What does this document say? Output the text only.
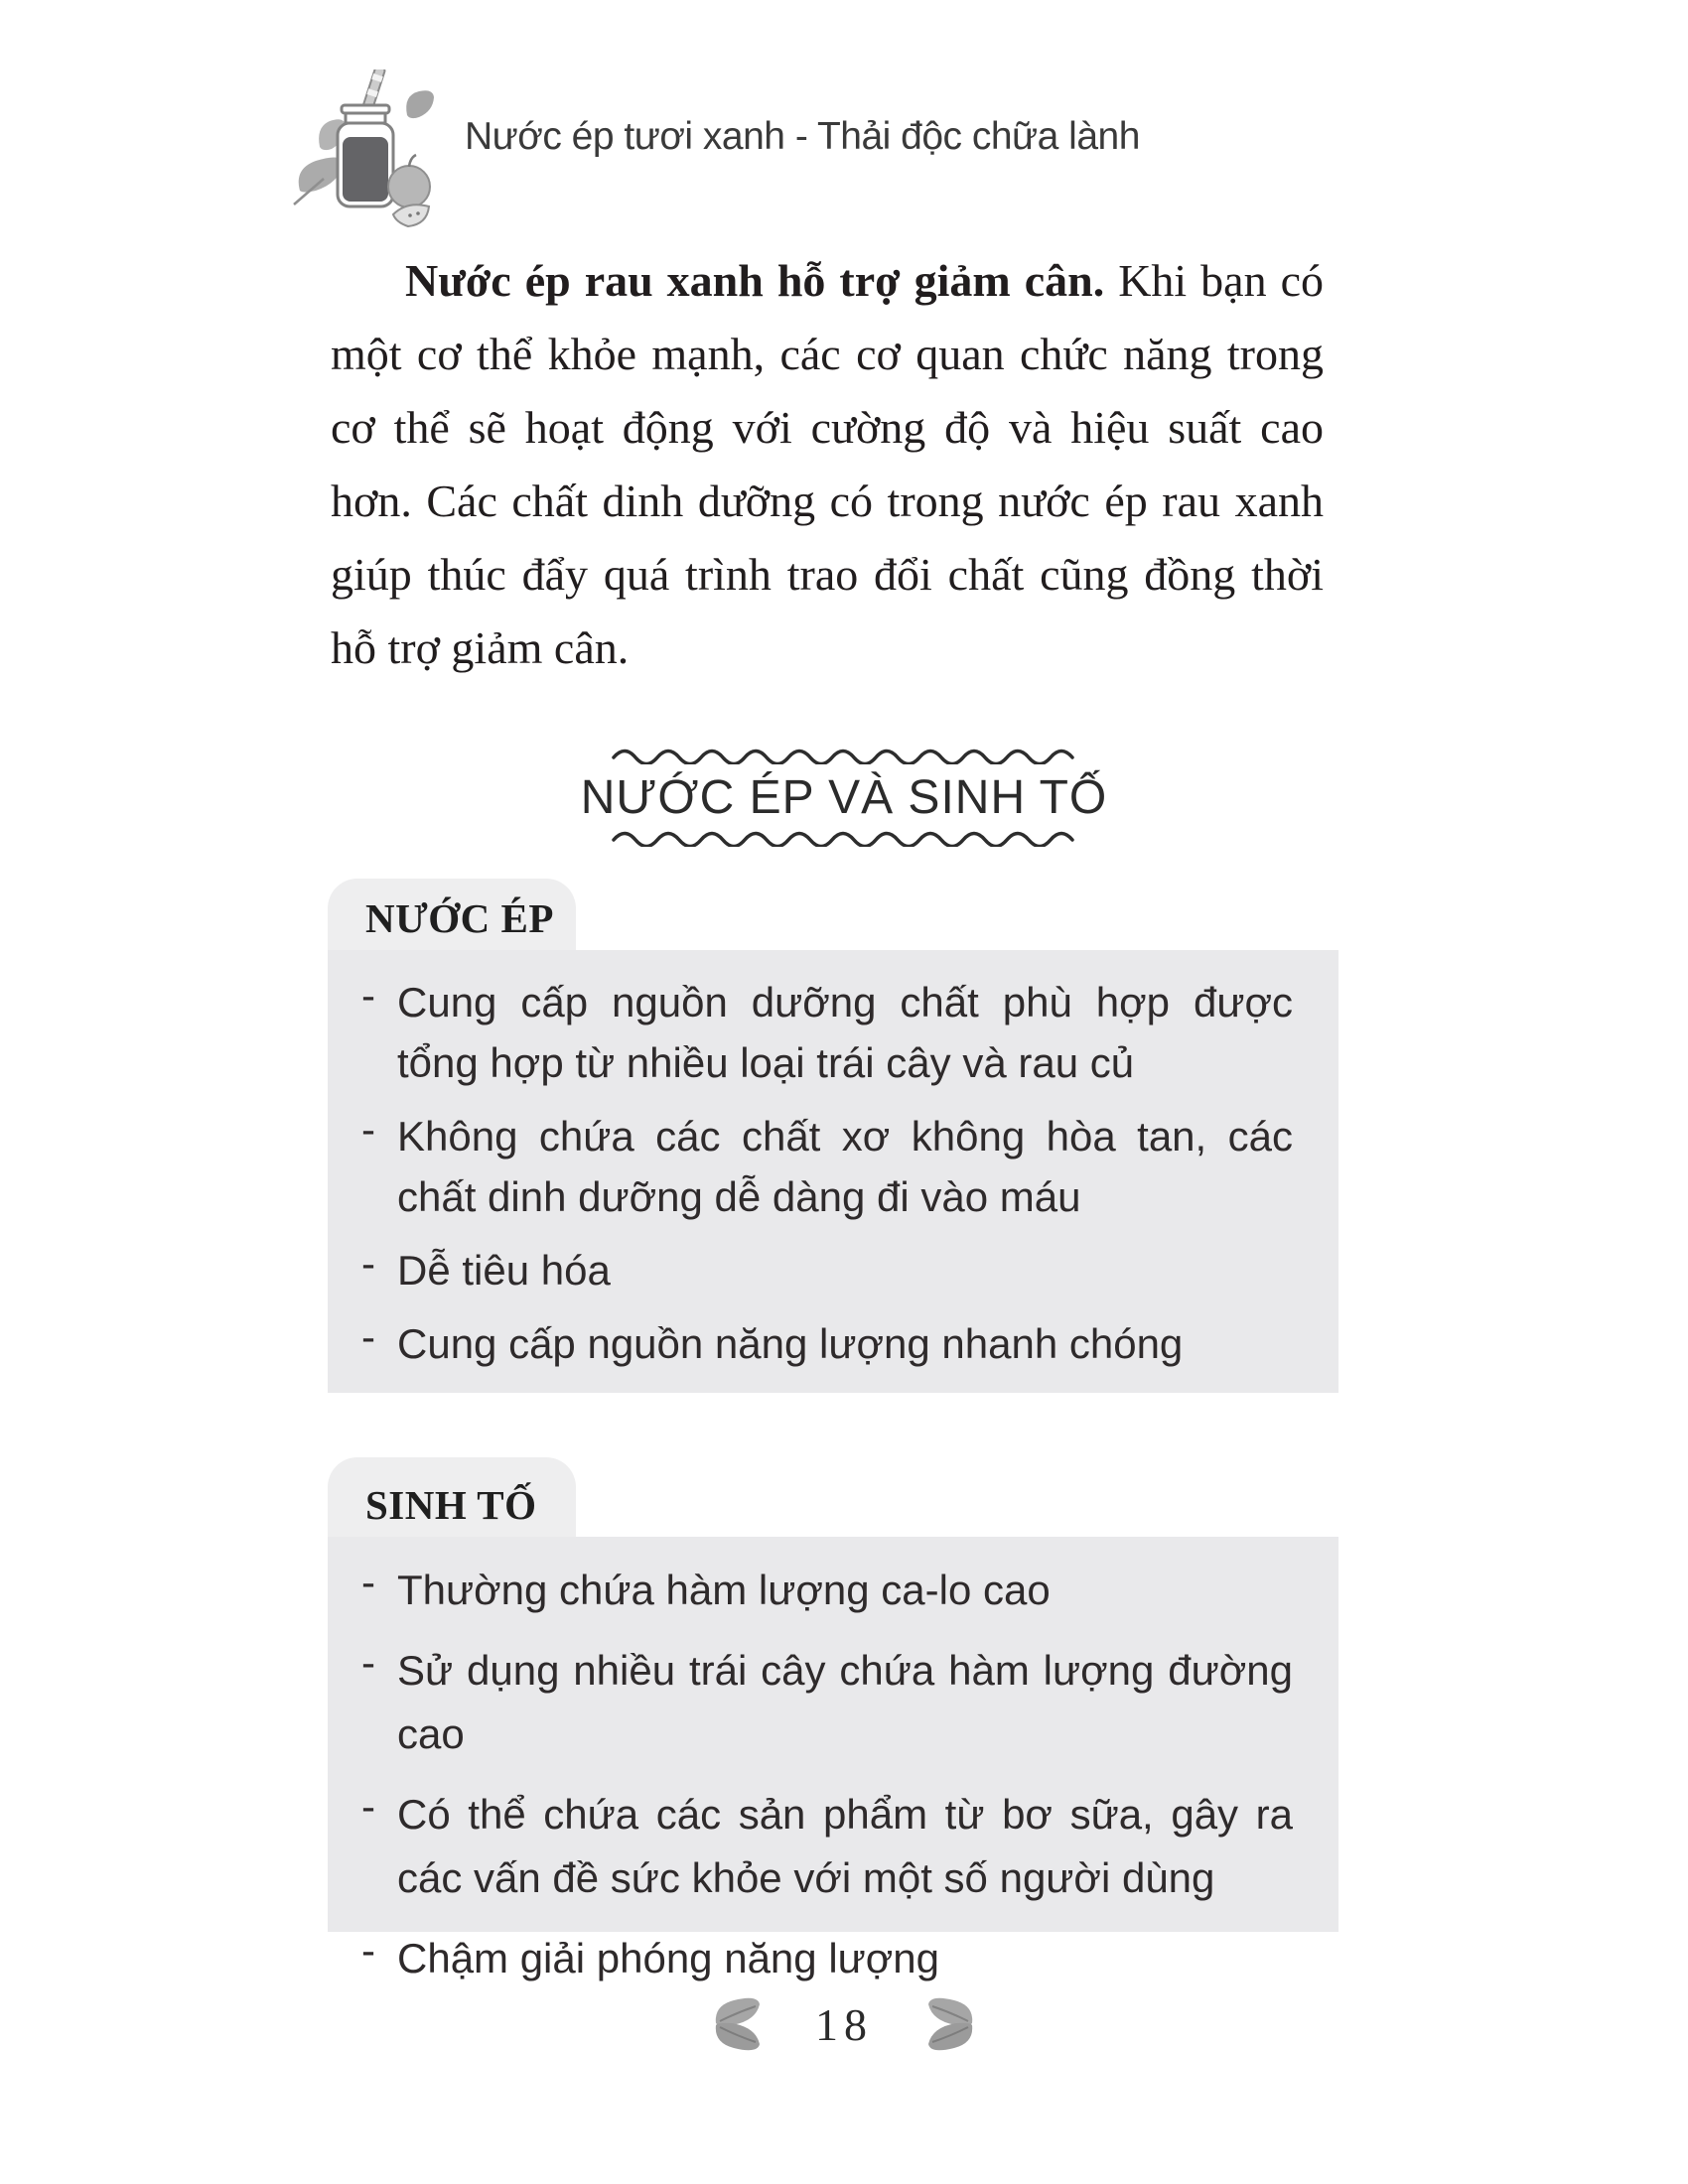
Nước ép tươi xanh - Thải độc chữa lành

Nước ép rau xanh hỗ trợ giảm cân. Khi bạn có một cơ thể khỏe mạnh, các cơ quan chức năng trong cơ thể sẽ hoạt động với cường độ và hiệu suất cao hơn. Các chất dinh dưỡng có trong nước ép rau xanh giúp thúc đẩy quá trình trao đổi chất cũng đồng thời hỗ trợ giảm cân.

NƯỚC ÉP VÀ SINH TỐ
NƯỚC ÉP
- Cung cấp nguồn dưỡng chất phù hợp được tổng hợp từ nhiều loại trái cây và rau củ
- Không chứa các chất xơ không hòa tan, các chất dinh dưỡng dễ dàng đi vào máu
- Dễ tiêu hóa
- Cung cấp nguồn năng lượng nhanh chóng
SINH TỐ
- Thường chứa hàm lượng ca-lo cao
- Sử dụng nhiều trái cây chứa hàm lượng đường cao
- Có thể chứa các sản phẩm từ bơ sữa, gây ra các vấn đề sức khỏe với một số người dùng
- Chậm giải phóng năng lượng
18
